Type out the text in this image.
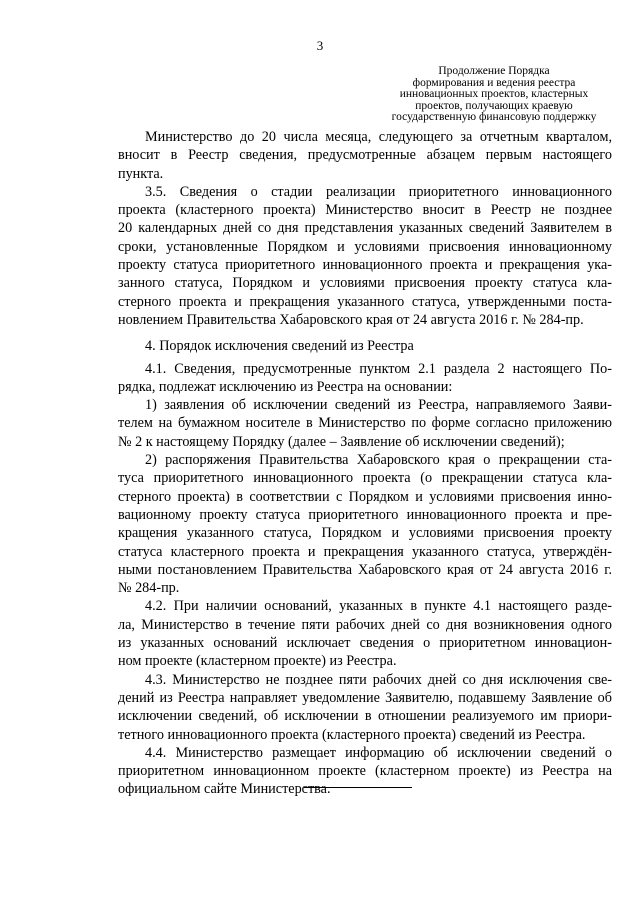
3
Продолжение Порядка
формирования и ведения реестра
инновационных проектов, кластерных
проектов, получающих краевую
государственную финансовую поддержку
Министерство до 20 числа месяца, следующего за отчетным кварталом,
вносит в Реестр сведения, предусмотренные абзацем первым настоящего
пункта.
3.5. Сведения о стадии реализации приоритетного инновационного
проекта (кластерного проекта) Министерство вносит в Реестр не позднее
20 календарных дней со дня представления указанных сведений Заявителем в
сроки, установленные Порядком и условиями присвоения инновационному
проекту статуса приоритетного инновационного проекта и прекращения ука-
занного статуса, Порядком и условиями присвоения проекту статуса кла-
стерного проекта и прекращения указанного статуса, утвержденными поста-
новлением Правительства Хабаровского края от 24 августа 2016 г. № 284-пр.
4. Порядок исключения сведений из Реестра
4.1. Сведения, предусмотренные пунктом 2.1 раздела 2 настоящего По-
рядка, подлежат исключению из Реестра на основании:
1) заявления об исключении сведений из Реестра, направляемого Заяви-
телем на бумажном носителе в Министерство по форме согласно приложению
№ 2 к настоящему Порядку (далее – Заявление об исключении сведений);
2) распоряжения Правительства Хабаровского края о прекращении ста-
туса приоритетного инновационного проекта (о прекращении статуса кла-
стерного проекта) в соответствии с Порядком и условиями присвоения инно-
вационному проекту статуса приоритетного инновационного проекта и пре-
кращения указанного статуса, Порядком и условиями присвоения проекту
статуса кластерного проекта и прекращения указанного статуса, утверждён-
ными постановлением Правительства Хабаровского края от 24 августа 2016 г.
№ 284-пр.
4.2. При наличии оснований, указанных в пункте 4.1 настоящего разде-
ла, Министерство в течение пяти рабочих дней со дня возникновения одного
из указанных оснований исключает сведения о приоритетном инновацион-
ном проекте (кластерном проекте) из Реестра.
4.3. Министерство не позднее пяти рабочих дней со дня исключения све-
дений из Реестра направляет уведомление Заявителю, подавшему Заявление об
исключении сведений, об исключении в отношении реализуемого им приори-
тетного инновационного проекта (кластерного проекта) сведений из Реестра.
4.4. Министерство размещает информацию об исключении сведений о
приоритетном инновационном проекте (кластерном проекте) из Реестра на
официальном сайте Министерства.
